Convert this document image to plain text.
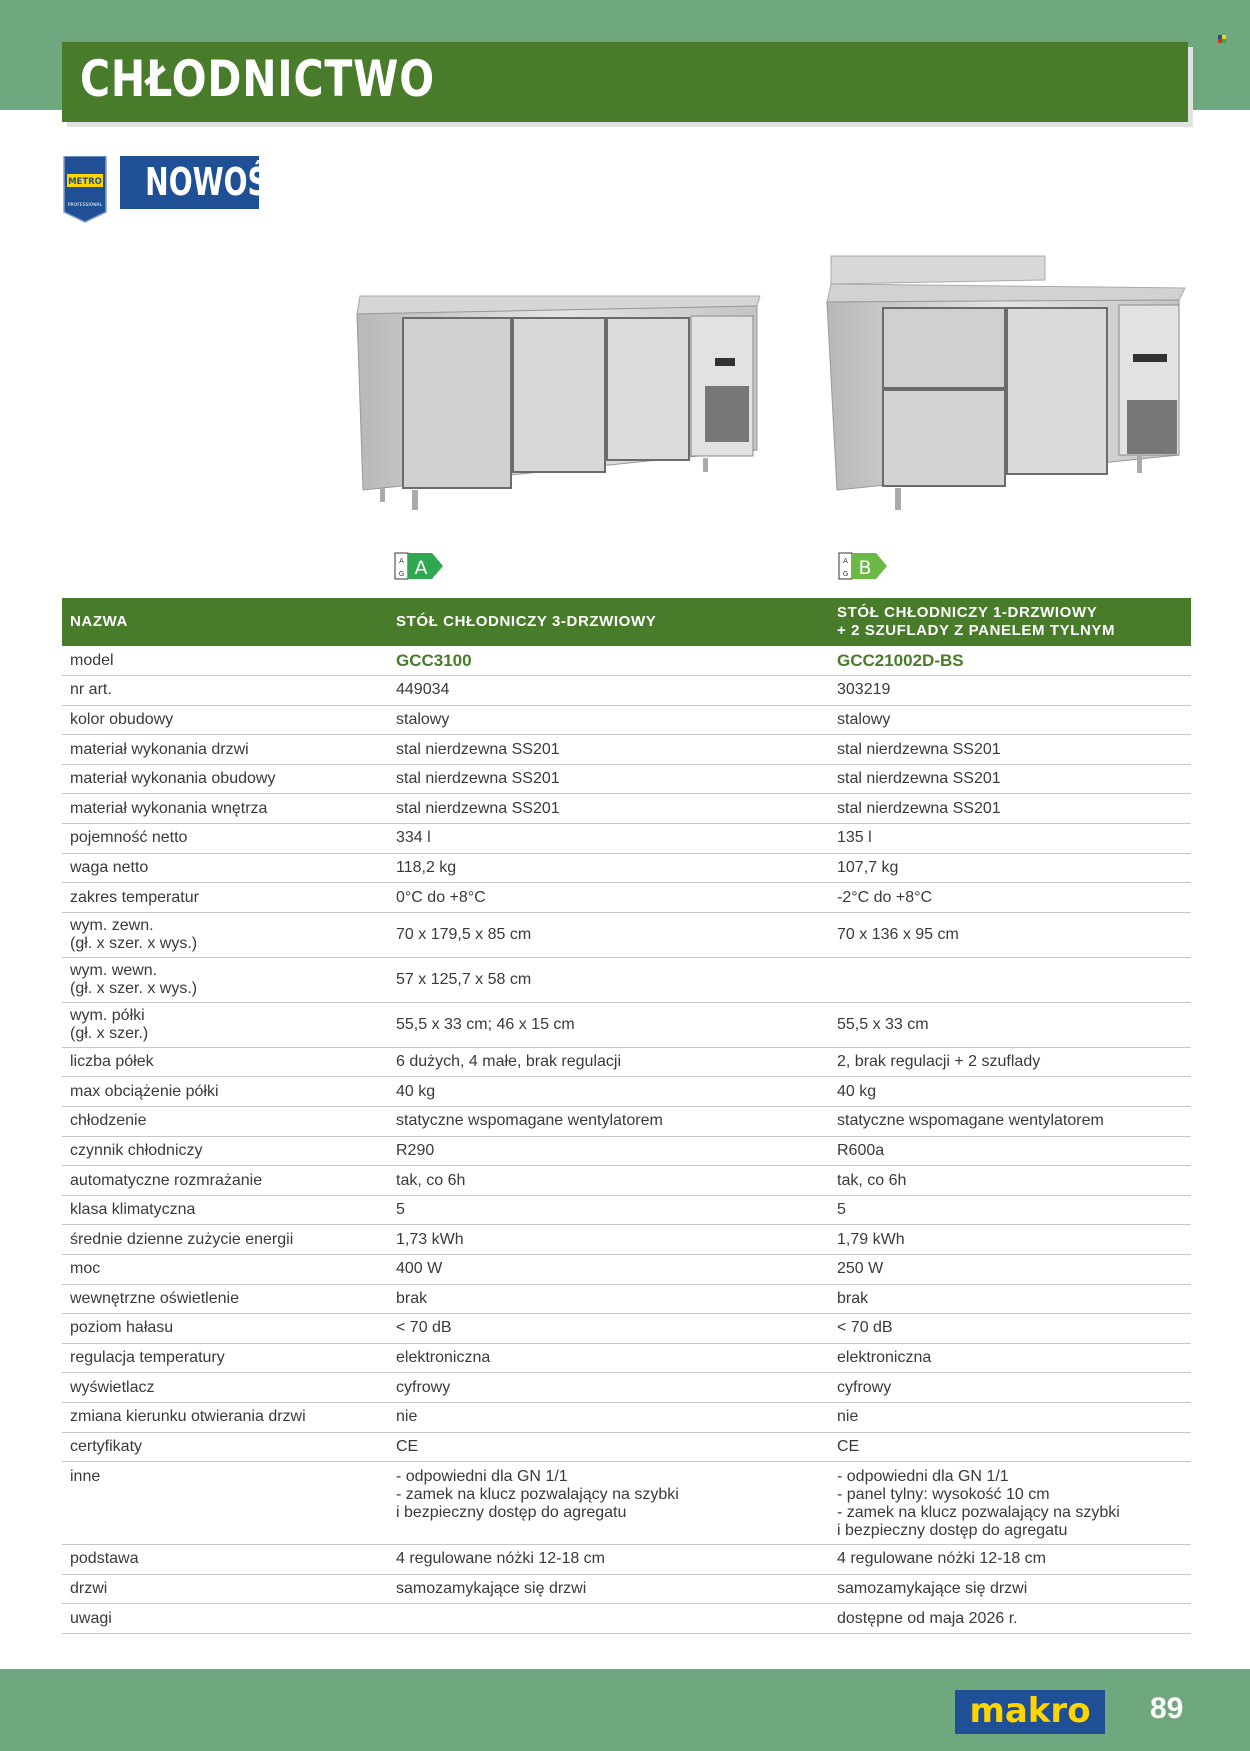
CHŁODNICTWO
METRO
PROFESSIONAL
NOWOŚĆ
A
G A	A
G B
NAZWA	STÓŁ CHŁODNICZY 3-DRZWIOWY	STÓŁ CHŁODNICZY 1-DRZWIOWY
+ 2 SZUFLADY Z PANELEM TYLNYM
model	GCC3100	GCC21002D-BS
nr art.	449034	303219
kolor obudowy	stalowy	stalowy
materiał wykonania drzwi	stal nierdzewna SS201	stal nierdzewna SS201
materiał wykonania obudowy	stal nierdzewna SS201	stal nierdzewna SS201
materiał wykonania wnętrza	stal nierdzewna SS201	stal nierdzewna SS201
pojemność netto	334 l	135 l
waga netto	118,2 kg	107,7 kg
zakres temperatur	0°C do +8°C	-2°C do +8°C
wym. zewn.
(gł. x szer. x wys.)	70 x 179,5 x 85 cm	70 x 136 x 95 cm
wym. wewn.
(gł. x szer. x wys.)	57 x 125,7 x 58 cm	
wym. półki
(gł. x szer.)	55,5 x 33 cm; 46 x 15 cm	55,5 x 33 cm
liczba półek	6 dużych, 4 małe, brak regulacji	2, brak regulacji + 2 szuflady
max obciążenie półki	40 kg	40 kg
chłodzenie	statyczne wspomagane wentylatorem	statyczne wspomagane wentylatorem
czynnik chłodniczy	R290	R600a
automatyczne rozmrażanie	tak, co 6h	tak, co 6h
klasa klimatyczna	5	5
średnie dzienne zużycie energii	1,73 kWh	1,79 kWh
moc	400 W	250 W
wewnętrzne oświetlenie	brak	brak
poziom hałasu	< 70 dB	< 70 dB
regulacja temperatury	elektroniczna	elektroniczna
wyświetlacz	cyfrowy	cyfrowy
zmiana kierunku otwierania drzwi	nie	nie
certyfikaty	CE	CE
inne	- odpowiedni dla GN 1/1
- zamek na klucz pozwalający na szybki
i bezpieczny dostęp do agregatu	- odpowiedni dla GN 1/1
- panel tylny: wysokość 10 cm
- zamek na klucz pozwalający na szybki
i bezpieczny dostęp do agregatu
podstawa	4 regulowane nóżki 12-18 cm	4 regulowane nóżki 12-18 cm
drzwi	samozamykające się drzwi	samozamykające się drzwi
uwagi		dostępne od maja 2026 r.
makro	89
